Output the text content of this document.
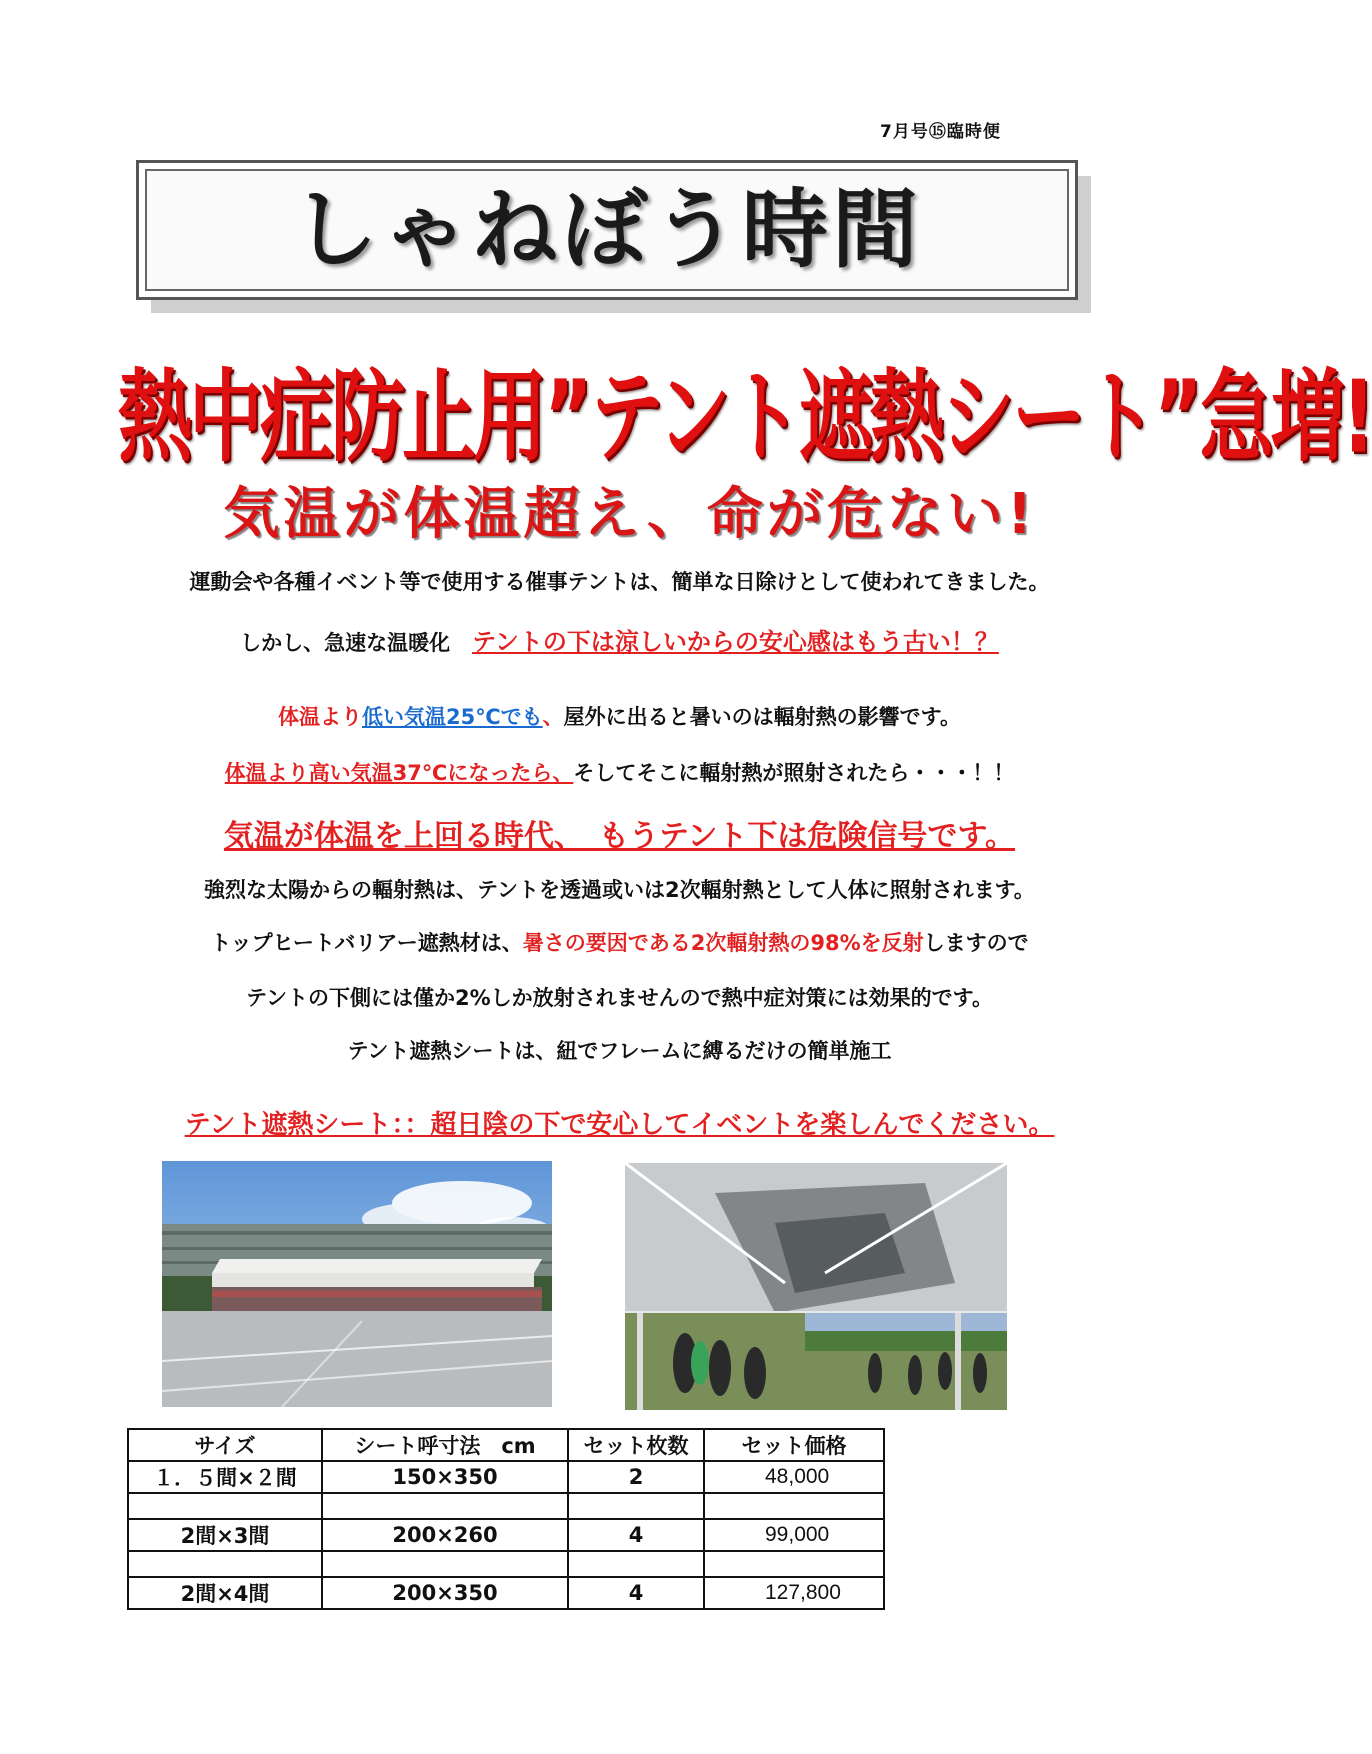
7月号⑮臨時便
しゃねぼう時間
熱中症防止用”テント遮熱シート”急増!
気温が体温超え、命が危ない!
運動会や各種イベント等で使用する催事テントは、簡単な日除けとして使われてきました。
しかし、急速な温暖化 テントの下は涼しいからの安心感はもう古い！？
体温より低い気温25℃でも、屋外に出ると暑いのは輻射熱の影響です。
体温より高い気温37℃になったら、そしてそこに輻射熱が照射されたら・・・！！
気温が体温を上回る時代、　もうテント下は危険信号です。
強烈な太陽からの輻射熱は、テントを透過或いは2次輻射熱として人体に照射されます。
トップヒートバリアー遮熱材は、暑さの要因である2次輻射熱の98%を反射しますので
テントの下側には僅か2%しか放射されませんので熱中症対策には効果的です。
テント遮熱シートは、紐でフレームに縛るだけの簡単施工
テント遮熱シート：：超日陰の下で安心してイベントを楽しんでください。
サイズ	シート呼寸法　cm	セット枚数	セット価格
１．５間×２間	150×350	2	48,000

2間×3間	200×260	4	99,000

2間×4間	200×350	4	127,800
